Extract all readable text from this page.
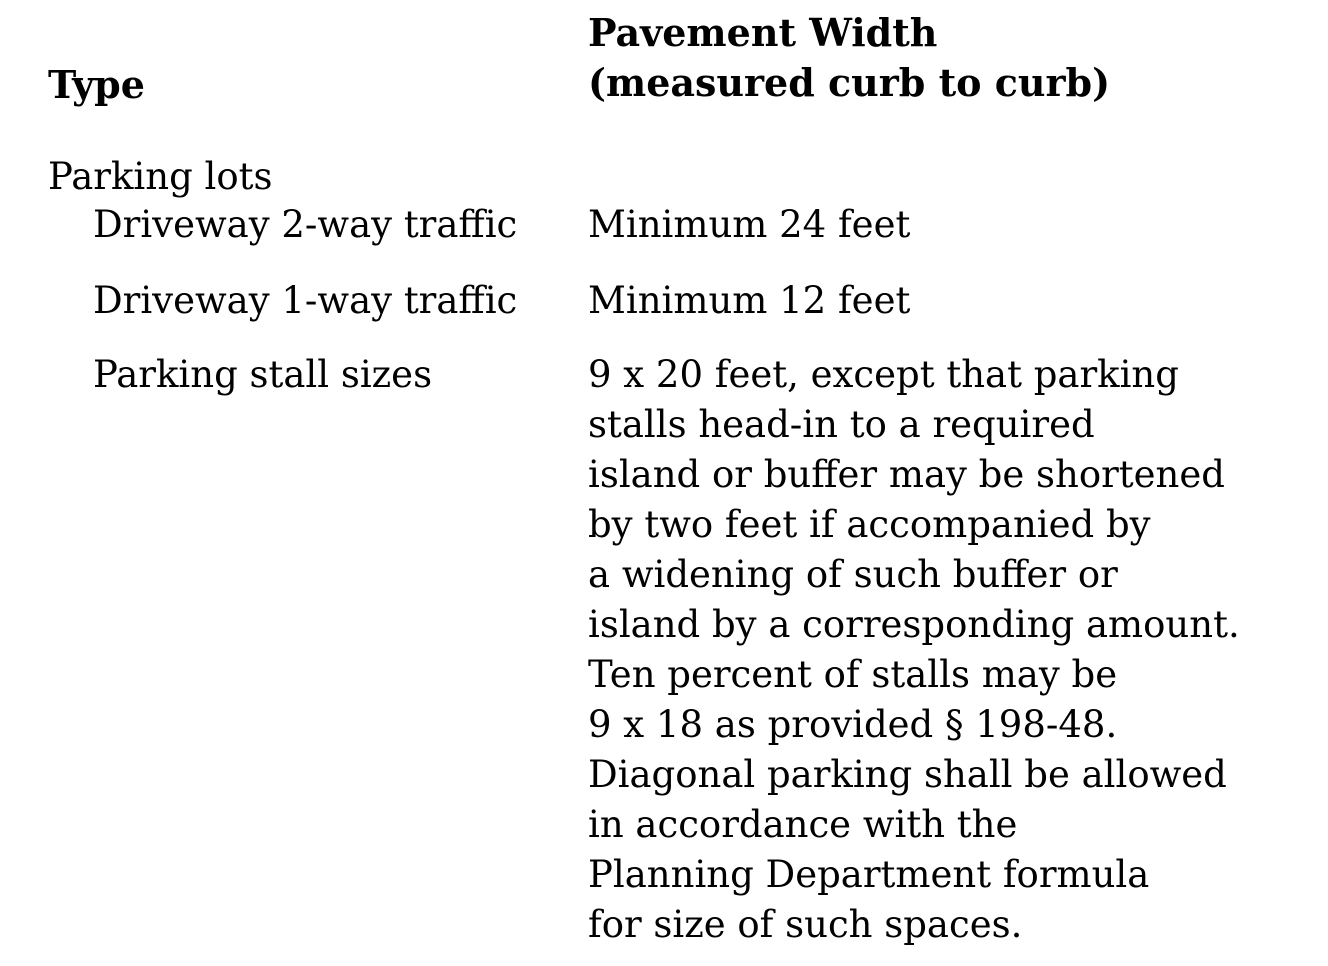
Type
Pavement Width
(measured curb to curb)
Parking lots
Driveway 2-way traffic Minimum 24 feet
Driveway 1-way traffic Minimum 12 feet
Parking stall sizes	9 x 20 feet, except that parking
stalls head-in to a required
island or buffer may be shortened
by two feet if accompanied by
a widening of such buffer or
island by a corresponding amount.
Ten percent of stalls may be
9 x 18 as provided § 198-48.
Diagonal parking shall be allowed
in accordance with the
Planning Department formula
for size of such spaces.
